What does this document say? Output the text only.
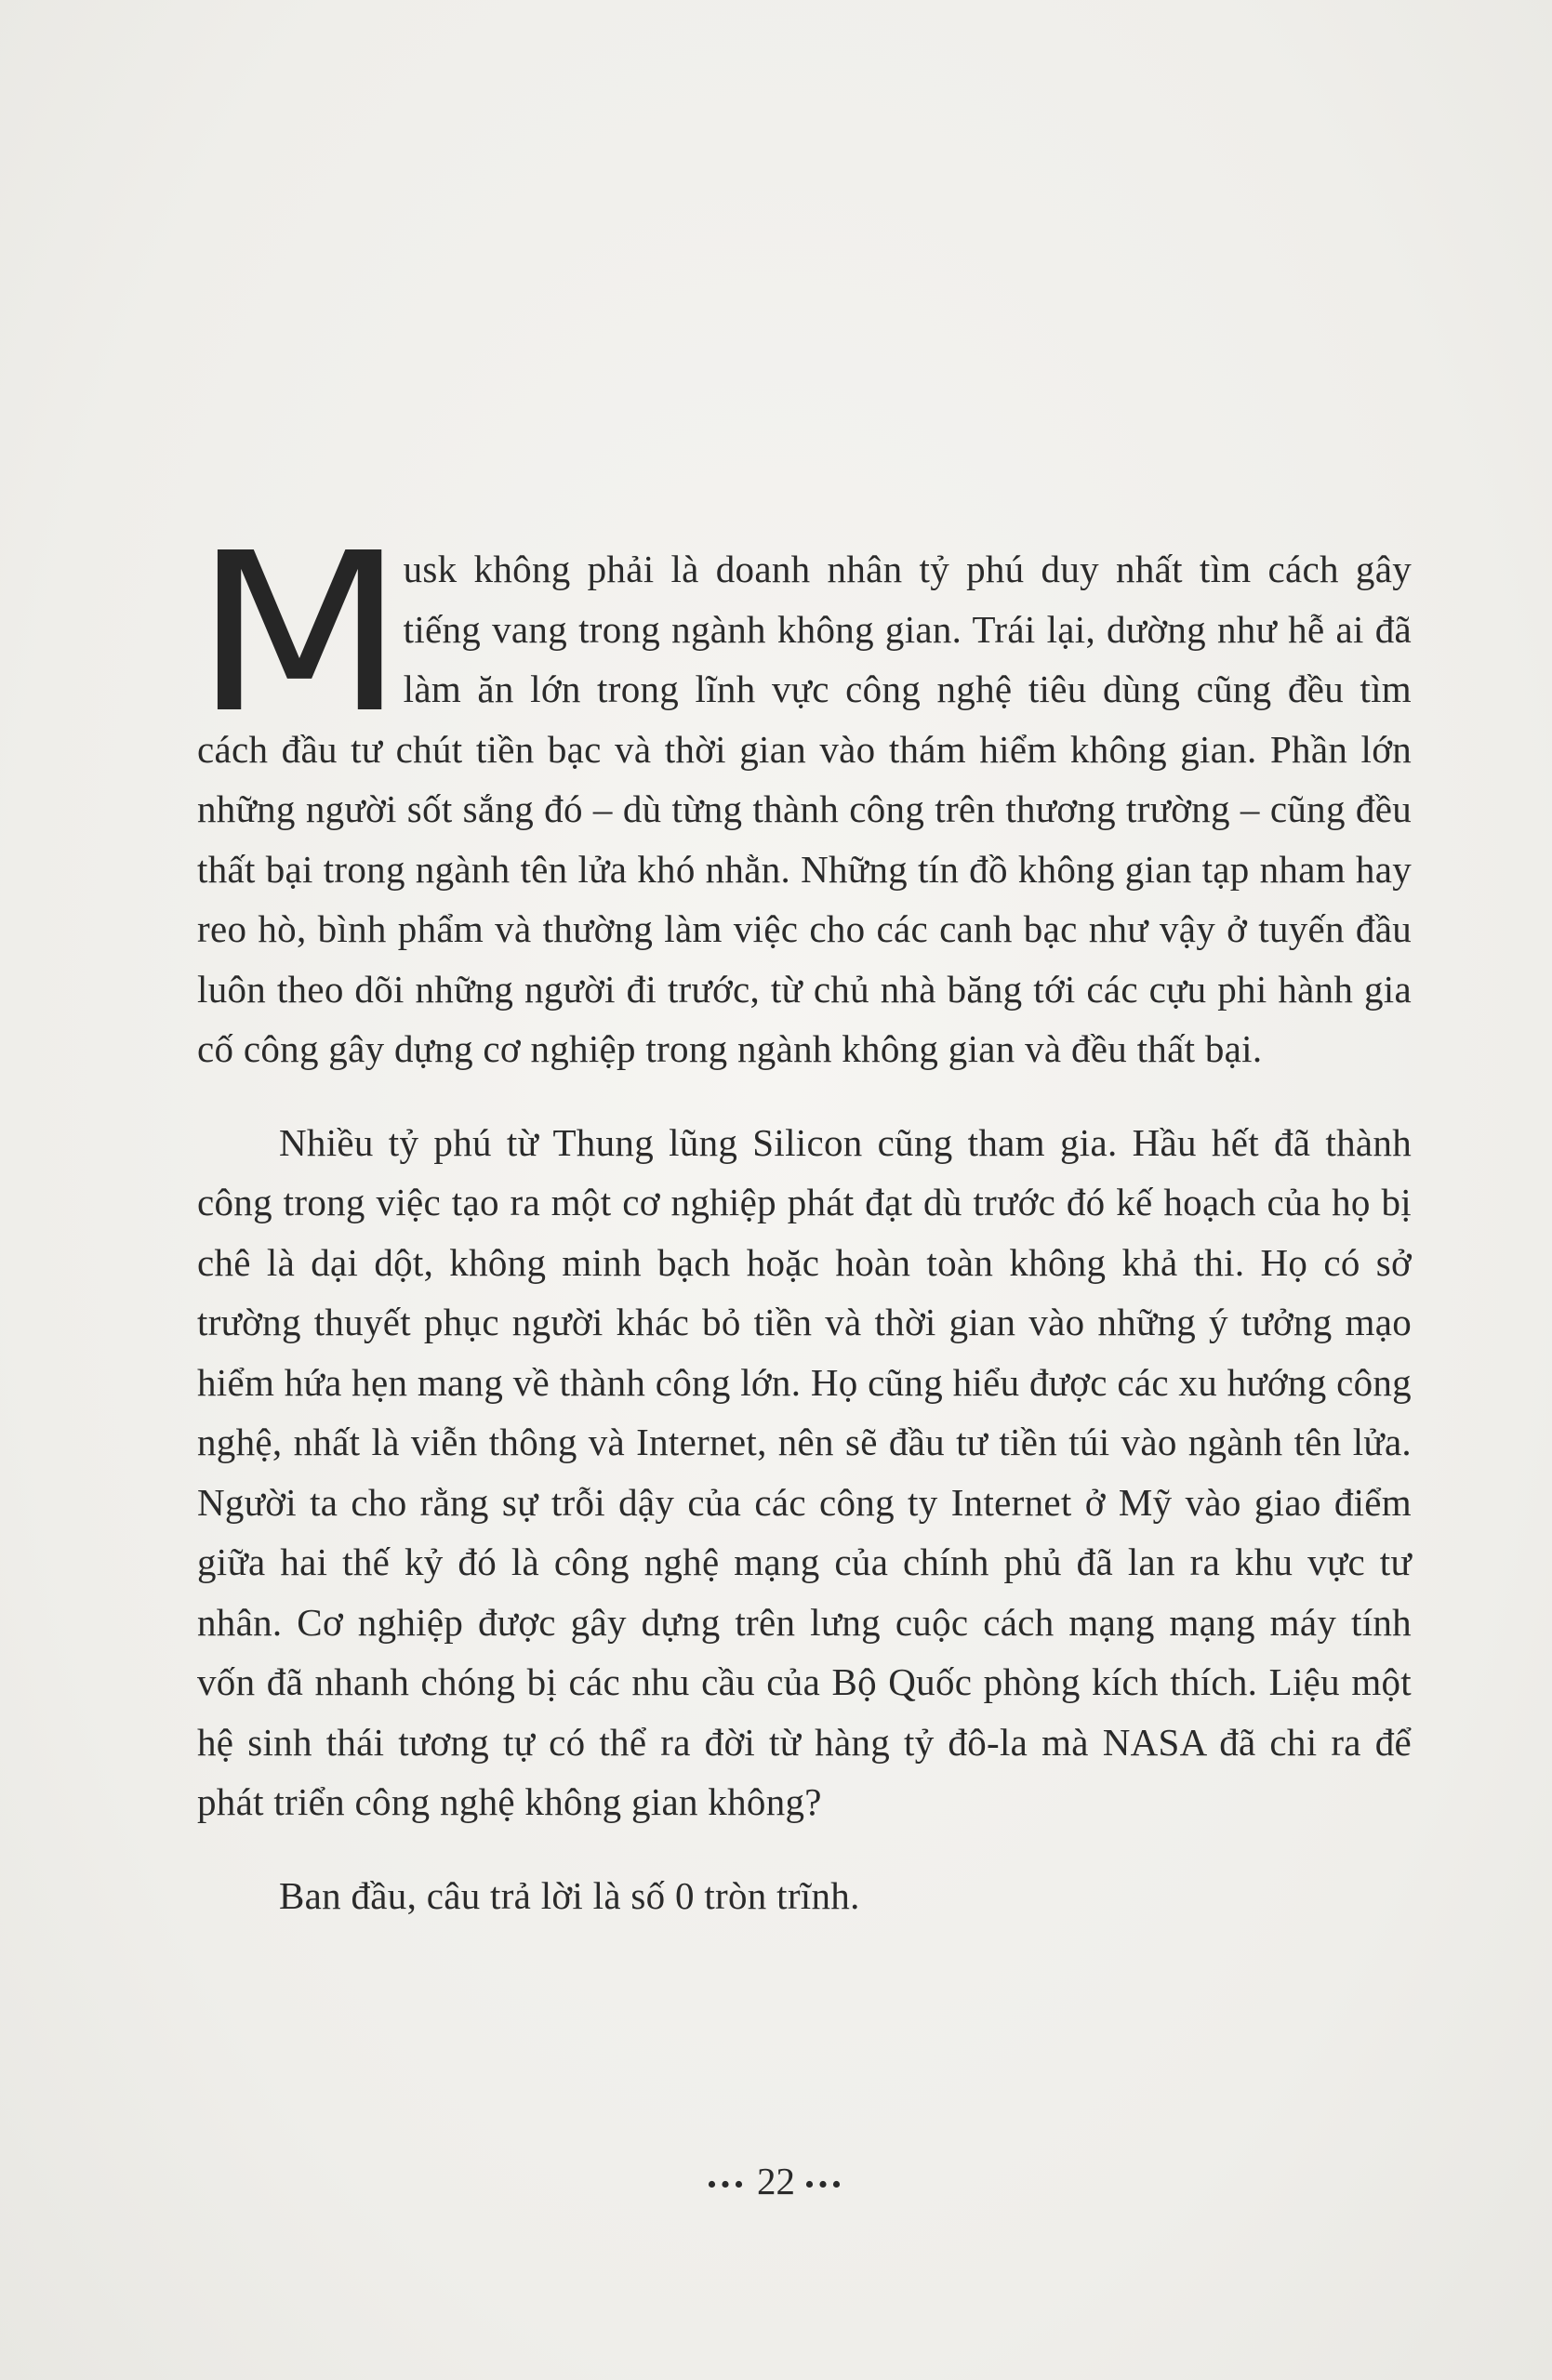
Musk không phải là doanh nhân tỷ phú duy nhất tìm cách gây tiếng vang trong ngành không gian. Trái lại, dường như hễ ai đã làm ăn lớn trong lĩnh vực công nghệ tiêu dùng cũng đều tìm cách đầu tư chút tiền bạc và thời gian vào thám hiểm không gian. Phần lớn những người sốt sắng đó – dù từng thành công trên thương trường – cũng đều thất bại trong ngành tên lửa khó nhằn. Những tín đồ không gian tạp nham hay reo hò, bình phẩm và thường làm việc cho các canh bạc như vậy ở tuyến đầu luôn theo dõi những người đi trước, từ chủ nhà băng tới các cựu phi hành gia cố công gây dựng cơ nghiệp trong ngành không gian và đều thất bại.

Nhiều tỷ phú từ Thung lũng Silicon cũng tham gia. Hầu hết đã thành công trong việc tạo ra một cơ nghiệp phát đạt dù trước đó kế hoạch của họ bị chê là dại dột, không minh bạch hoặc hoàn toàn không khả thi. Họ có sở trường thuyết phục người khác bỏ tiền và thời gian vào những ý tưởng mạo hiểm hứa hẹn mang về thành công lớn. Họ cũng hiểu được các xu hướng công nghệ, nhất là viễn thông và Internet, nên sẽ đầu tư tiền túi vào ngành tên lửa. Người ta cho rằng sự trỗi dậy của các công ty Internet ở Mỹ vào giao điểm giữa hai thế kỷ đó là công nghệ mạng của chính phủ đã lan ra khu vực tư nhân. Cơ nghiệp được gây dựng trên lưng cuộc cách mạng mạng máy tính vốn đã nhanh chóng bị các nhu cầu của Bộ Quốc phòng kích thích. Liệu một hệ sinh thái tương tự có thể ra đời từ hàng tỷ đô-la mà NASA đã chi ra để phát triển công nghệ không gian không?

Ban đầu, câu trả lời là số 0 tròn trĩnh.

••• 22 •••
